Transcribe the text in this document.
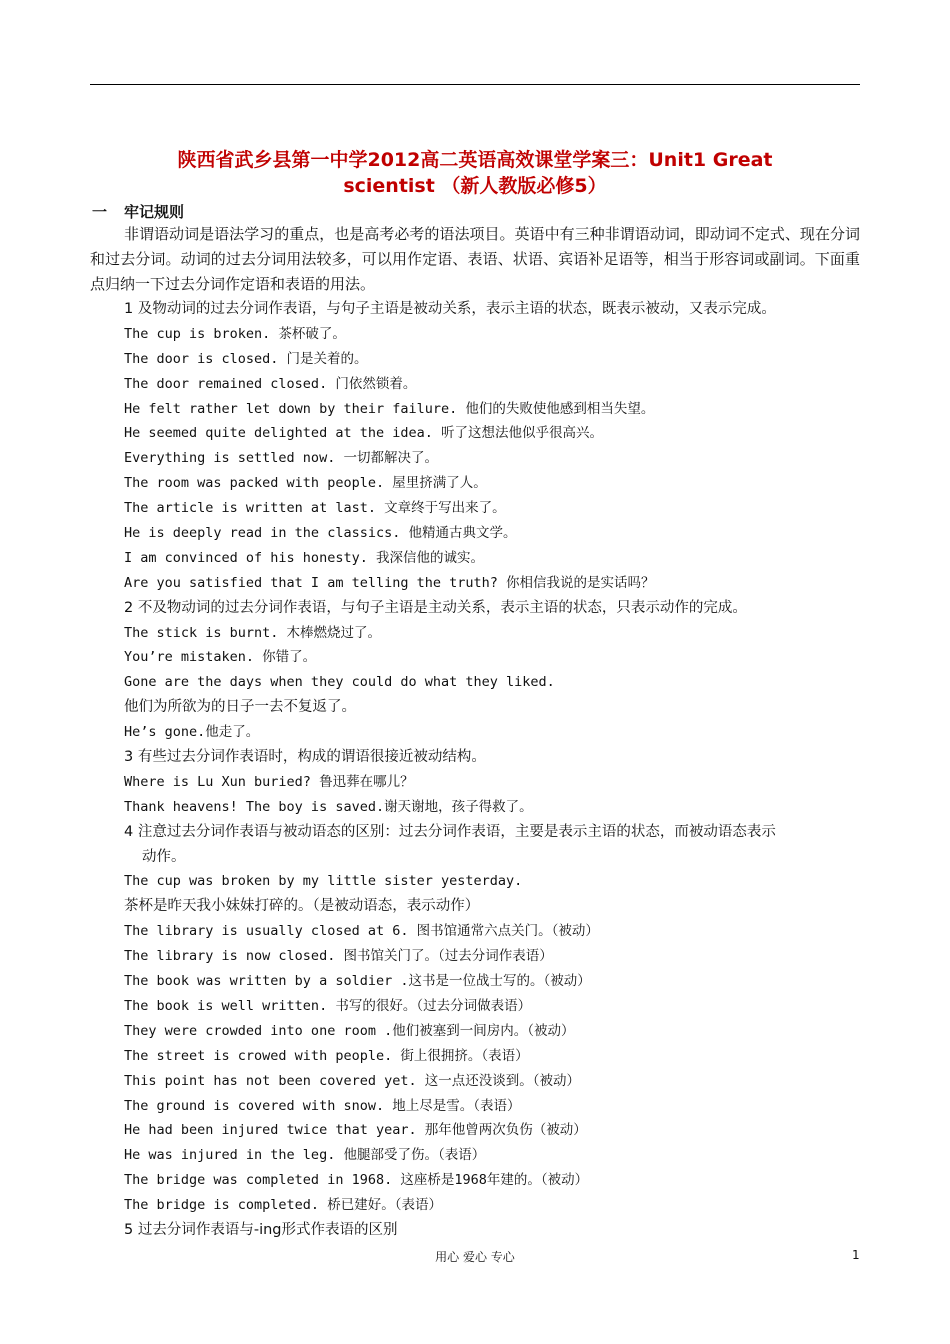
陕西省武乡县第一中学2012高二英语高效课堂学案三：Unit1 Great
scientist （新人教版必修5）
一 牢记规则
非谓语动词是语法学习的重点，也是高考必考的语法项目。英语中有三种非谓语动词，即动词不定式、现在分词和过去分词。动词的过去分词用法较多，可以用作定语、表语、状语、宾语补足语等，相当于形容词或副词。下面重点归纳一下过去分词作定语和表语的用法。
1 及物动词的过去分词作表语，与句子主语是被动关系，表示主语的状态，既表示被动，又表示完成。
The cup is broken. 茶杯破了。
The door is closed. 门是关着的。
The door remained closed. 门依然锁着。
He felt rather let down by their failure. 他们的失败使他感到相当失望。
He seemed quite delighted at the idea. 听了这想法他似乎很高兴。
Everything is settled now. 一切都解决了。
The room was packed with people. 屋里挤满了人。
The article is written at last. 文章终于写出来了。
He is deeply read in the classics. 他精通古典文学。
I am convinced of his honesty. 我深信他的诚实。
Are you satisfied that I am telling the truth? 你相信我说的是实话吗？
2 不及物动词的过去分词作表语，与句子主语是主动关系，表示主语的状态，只表示动作的完成。
The stick is burnt. 木棒燃烧过了。
You’re mistaken. 你错了。
Gone are the days when they could do what they liked.
他们为所欲为的日子一去不复返了。
He’s gone.他走了。
3 有些过去分词作表语时，构成的谓语很接近被动结构。
Where is Lu Xun buried? 鲁迅葬在哪儿？
Thank heavens! The boy is saved.谢天谢地，孩子得救了。
4 注意过去分词作表语与被动语态的区别：过去分词作表语，主要是表示主语的状态，而被动语态表示
动作。
The cup was broken by my little sister yesterday.
茶杯是昨天我小妹妹打碎的。（是被动语态，表示动作）
The library is usually closed at 6. 图书馆通常六点关门。（被动）
The library is now closed. 图书馆关门了。（过去分词作表语）
The book was written by a soldier .这书是一位战士写的。（被动）
The book is well written. 书写的很好。（过去分词做表语）
They were crowded into one room .他们被塞到一间房内。（被动）
The street is crowed with people. 街上很拥挤。（表语）
This point has not been covered yet. 这一点还没谈到。（被动）
The ground is covered with snow. 地上尽是雪。（表语）
He had been injured twice that year. 那年他曾两次负伤（被动）
He was injured in the leg. 他腿部受了伤。（表语）
The bridge was completed in 1968. 这座桥是1968年建的。（被动）
The bridge is completed. 桥已建好。（表语）
5 过去分词作表语与-ing形式作表语的区别
用心 爱心 专心	1
